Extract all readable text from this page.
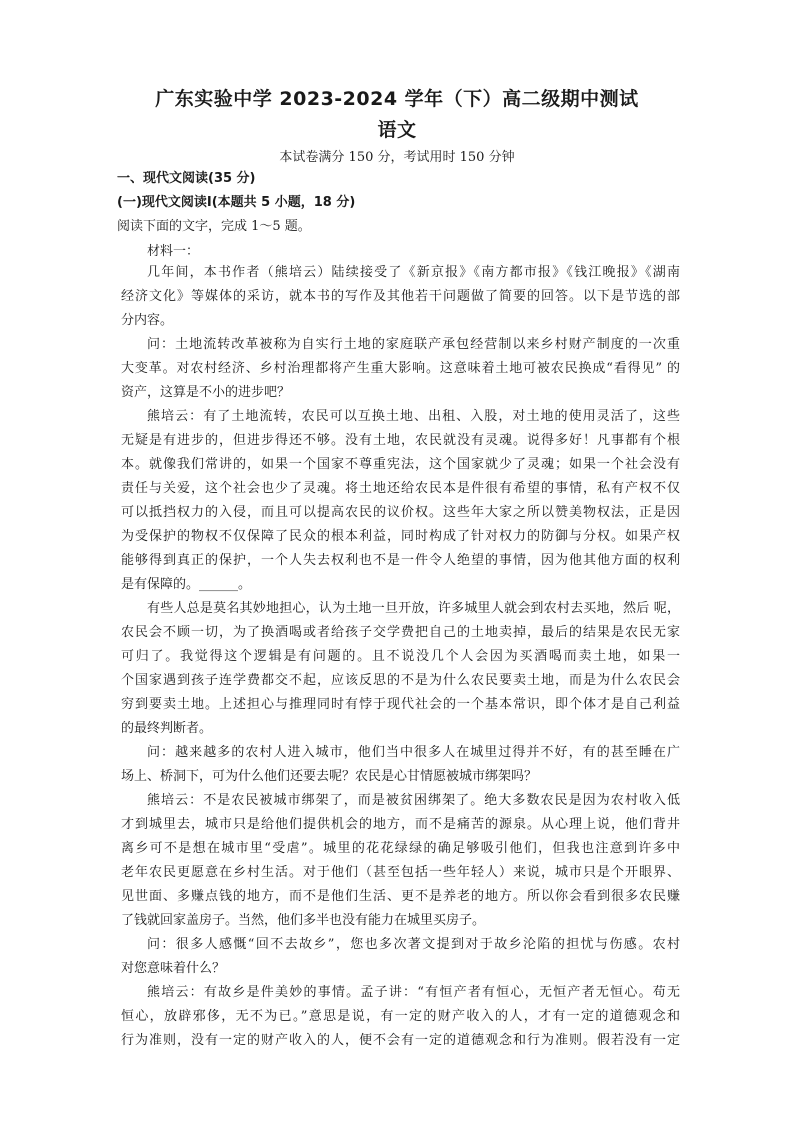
广东实验中学 2023-2024 学年（下）高二级期中测试
语文
本试卷满分 150 分，考试用时 150 分钟
一、现代文阅读(35 分)
(一)现代文阅读Ⅰ(本题共 5 小题，18 分)
阅读下面的文字，完成 1～5 题。
材料一：
几年间，本书作者（熊培云）陆续接受了《新京报》《南方都市报》《钱江晚报》《湖南
经济文化》等媒体的采访，就本书的写作及其他若干问题做了简要的回答。以下是节选的部
分内容。
问：土地流转改革被称为自实行土地的家庭联产承包经营制以来乡村财产制度的一次重
大变革。对农村经济、乡村治理都将产生重大影响。这意味着土地可被农民换成“看得见” 的
资产，这算是不小的进步吧？
熊培云：有了土地流转，农民可以互换土地、出租、入股，对土地的使用灵活了，这些
无疑是有进步的，但进步得还不够。没有土地，农民就没有灵魂。说得多好！凡事都有个根
本。就像我们常讲的，如果一个国家不尊重宪法，这个国家就少了灵魂；如果一个社会没有
责任与关爱，这个社会也少了灵魂。将土地还给农民本是件很有希望的事情，私有产权不仅
可以抵挡权力的入侵，而且可以提高农民的议价权。这些年大家之所以赞美物权法，正是因
为受保护的物权不仅保障了民众的根本利益，同时构成了针对权力的防御与分权。如果产权
能够得到真正的保护，一个人失去权利也不是一件令人绝望的事情，因为他其他方面的权利
是有保障的。______。
有些人总是莫名其妙地担心，认为土地一旦开放，许多城里人就会到农村去买地，然后 呢，
农民会不顾一切，为了换酒喝或者给孩子交学费把自己的土地卖掉，最后的结果是农民无家
可归了。我觉得这个逻辑是有问题的。且不说没几个人会因为买酒喝而卖土地，如果一
个国家遇到孩子连学费都交不起，应该反思的不是为什么农民要卖土地，而是为什么农民会
穷到要卖土地。上述担心与推理同时有悖于现代社会的一个基本常识，即个体才是自己利益
的最终判断者。
问：越来越多的农村人进入城市，他们当中很多人在城里过得并不好，有的甚至睡在广
场上、桥洞下，可为什么他们还要去呢？农民是心甘情愿被城市绑架吗？
熊培云：不是农民被城市绑架了，而是被贫困绑架了。绝大多数农民是因为农村收入低
才到城里去，城市只是给他们提供机会的地方，而不是痛苦的源泉。从心理上说，他们背井
离乡可不是想在城市里“受虐”。城里的花花绿绿的确足够吸引他们，但我也注意到许多中
老年农民更愿意在乡村生活。对于他们（甚至包括一些年轻人）来说，城市只是个开眼界、
见世面、多赚点钱的地方，而不是他们生活、更不是养老的地方。所以你会看到很多农民赚
了钱就回家盖房子。当然，他们多半也没有能力在城里买房子。
问：很多人感慨“回不去故乡”，您也多次著文提到对于故乡沦陷的担忧与伤感。农村
对您意味着什么？
熊培云：有故乡是件美妙的事情。孟子讲：“有恒产者有恒心，无恒产者无恒心。苟无
恒心，放辟邪侈，无不为已。”意思是说，有一定的财产收入的人，才有一定的道德观念和
行为准则，没有一定的财产收入的人，便不会有一定的道德观念和行为准则。假若没有一定
